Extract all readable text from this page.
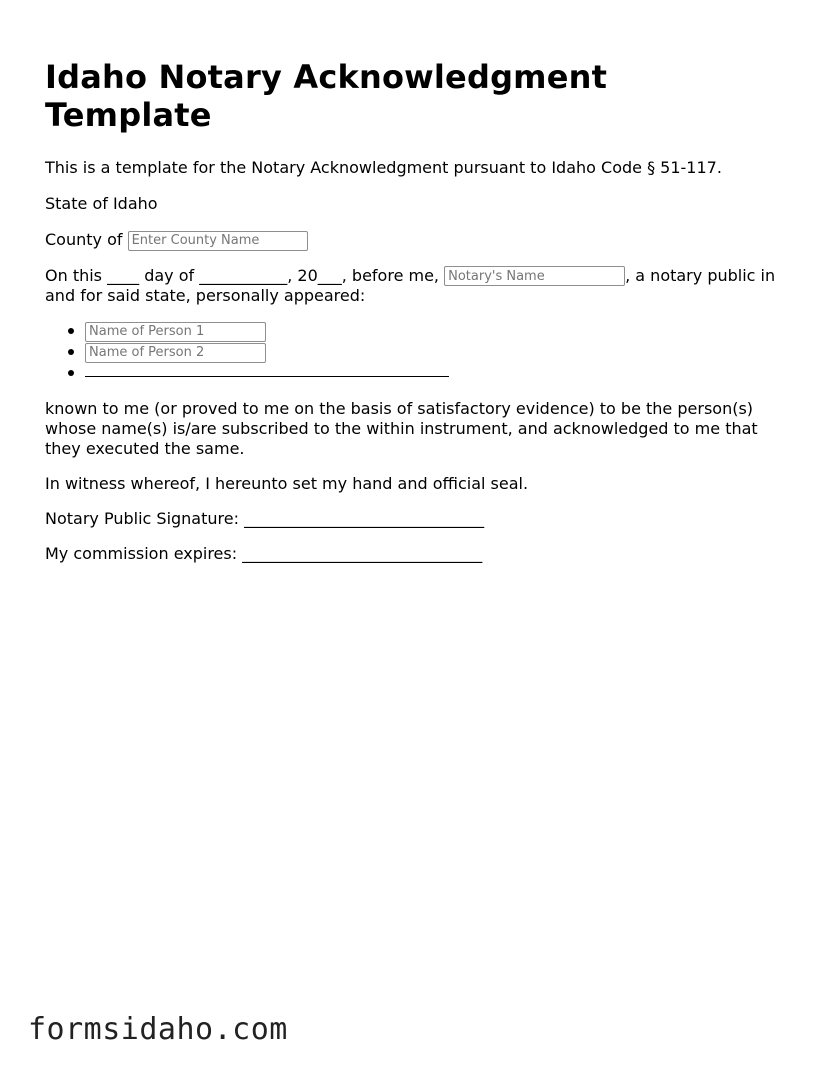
Idaho Notary Acknowledgment Template

This is a template for the Notary Acknowledgment pursuant to Idaho Code § 51-117.

State of Idaho

County of Enter County Name

On this ____ day of ___________, 20___, before me, Notary's Name	, a notary public in and for said state, personally appeared:

Name of Person 1
Name of Person 2

known to me (or proved to me on the basis of satisfactory evidence) to be the person(s) whose name(s) is/are subscribed to the within instrument, and acknowledged to me that they executed the same.

In witness whereof, I hereunto set my hand and official seal.

Notary Public Signature: ______________________________

My commission expires: ______________________________

formsidaho.com
